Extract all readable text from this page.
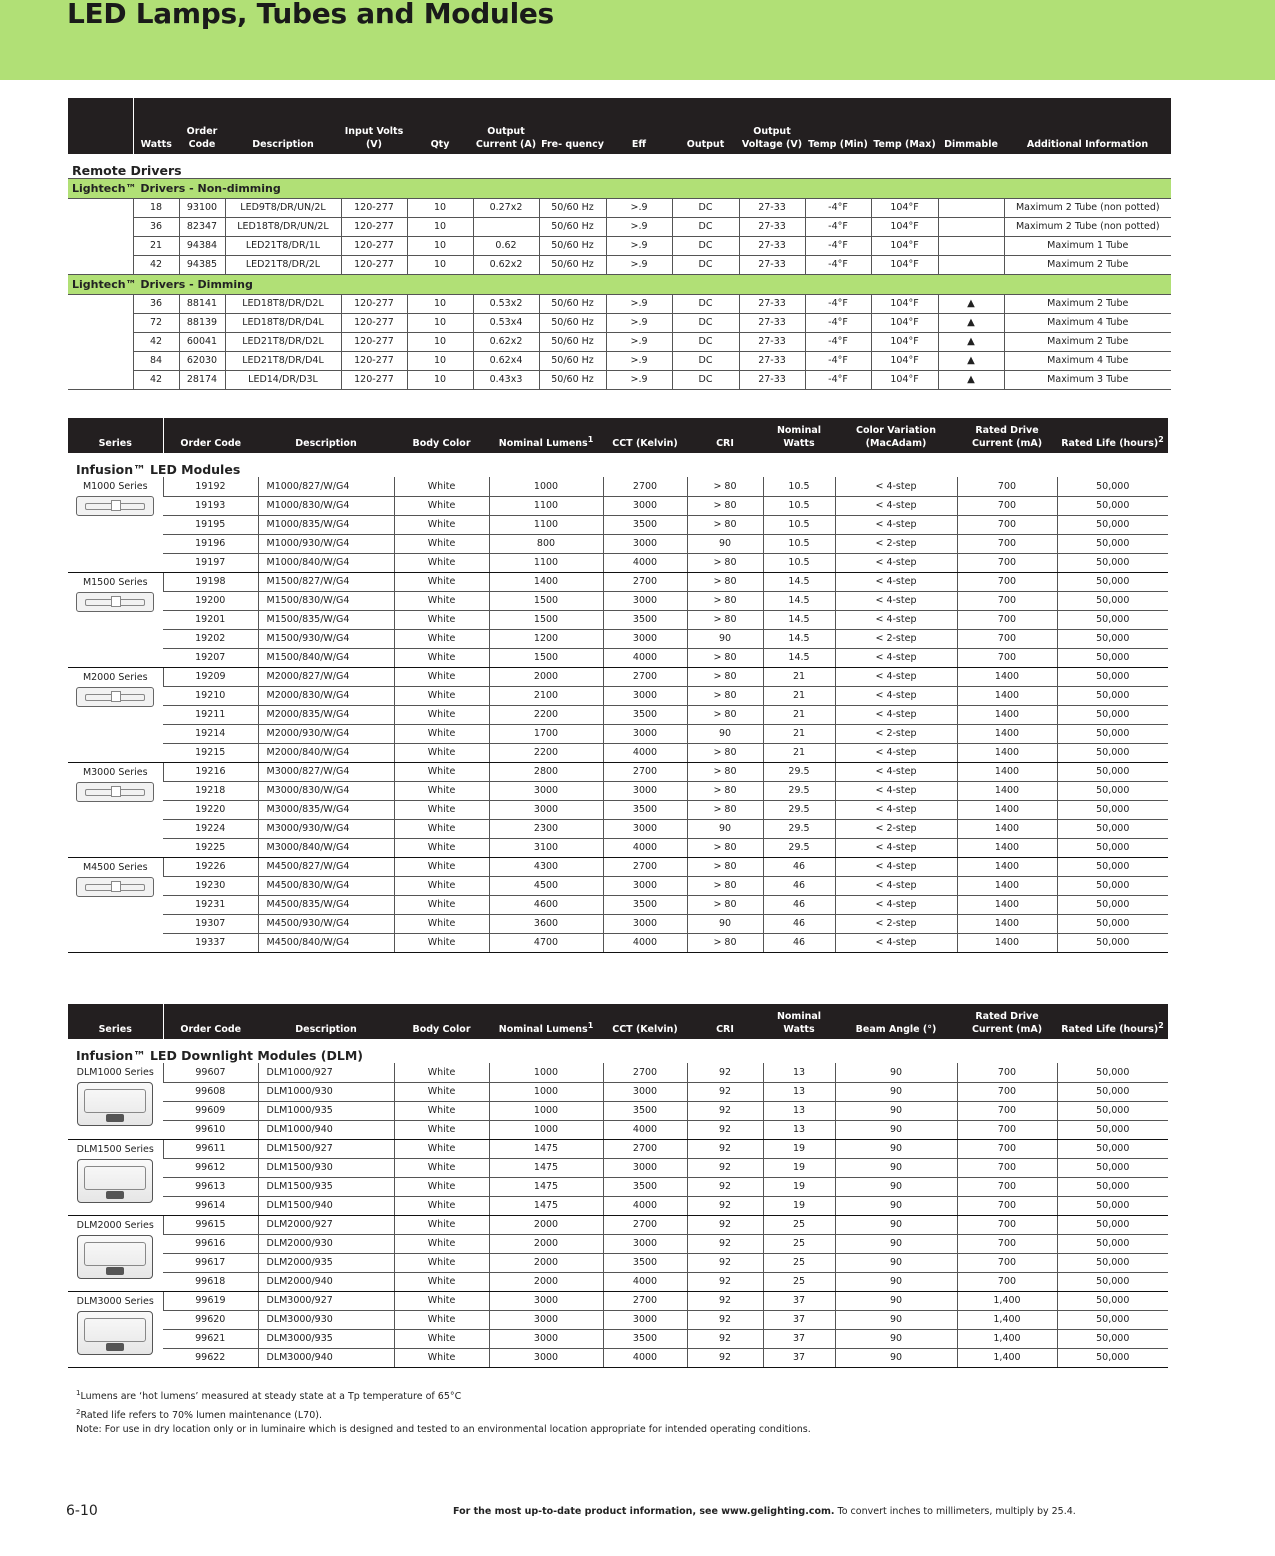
LED Lamps, Tubes and Modules
	Watts	Order Code	Description	Input Volts (V)	Qty	Output Current (A)	Fre- quency	Eff	Output	Output Voltage (V)	Temp (Min)	Temp (Max)	Dimmable	Additional Information
Remote Drivers														
Lightech™ Drivers - Non-dimming														
	18	93100	LED9T8/DR/UN/2L	120-277	10	0.27x2	50/60 Hz	>.9	DC	27-33	-4°F	104°F		Maximum 2 Tube (non potted)
	36	82347	LED18T8/DR/UN/2L	120-277	10		50/60 Hz	>.9	DC	27-33	-4°F	104°F		Maximum 2 Tube (non potted)
	21	94384	LED21T8/DR/1L	120-277	10	0.62	50/60 Hz	>.9	DC	27-33	-4°F	104°F		Maximum 1 Tube
	42	94385	LED21T8/DR/2L	120-277	10	0.62x2	50/60 Hz	>.9	DC	27-33	-4°F	104°F		Maximum 2 Tube
Lightech™ Drivers - Dimming														
	36	88141	LED18T8/DR/D2L	120-277	10	0.53x2	50/60 Hz	>.9	DC	27-33	-4°F	104°F	▲	Maximum 2 Tube
	72	88139	LED18T8/DR/D4L	120-277	10	0.53x4	50/60 Hz	>.9	DC	27-33	-4°F	104°F	▲	Maximum 4 Tube
	42	60041	LED21T8/DR/D2L	120-277	10	0.62x2	50/60 Hz	>.9	DC	27-33	-4°F	104°F	▲	Maximum 2 Tube
	84	62030	LED21T8/DR/D4L	120-277	10	0.62x4	50/60 Hz	>.9	DC	27-33	-4°F	104°F	▲	Maximum 4 Tube
	42	28174	LED14/DR/D3L	120-277	10	0.43x3	50/60 Hz	>.9	DC	27-33	-4°F	104°F	▲	Maximum 3 Tube
Series	Order Code	Description	Body Color	Nominal Lumens$^1$	CCT (Kelvin)	CRI	Nominal Watts	Color Variation (MacAdam)	Rated Drive Current (mA)	Rated Life (hours)$^2$
Infusion™ LED Modules										

M1000 Series	19192	M1000/827/W/G4	White	1000	2700	> 80	10.5	< 4-step	700	50,000
	19193	M1000/830/W/G4	White	1100	3000	> 80	10.5	< 4-step	700	50,000
	19195	M1000/835/W/G4	White	1100	3500	> 80	10.5	< 4-step	700	50,000
	19196	M1000/930/W/G4	White	800	3000	90	10.5	< 2-step	700	50,000
	19197	M1000/840/W/G4	White	1100	4000	> 80	10.5	< 4-step	700	50,000

M1500 Series	19198	M1500/827/W/G4	White	1400	2700	> 80	14.5	< 4-step	700	50,000
	19200	M1500/830/W/G4	White	1500	3000	> 80	14.5	< 4-step	700	50,000
	19201	M1500/835/W/G4	White	1500	3500	> 80	14.5	< 4-step	700	50,000
	19202	M1500/930/W/G4	White	1200	3000	90	14.5	< 2-step	700	50,000
	19207	M1500/840/W/G4	White	1500	4000	> 80	14.5	< 4-step	700	50,000

M2000 Series	19209	M2000/827/W/G4	White	2000	2700	> 80	21	< 4-step	1400	50,000
	19210	M2000/830/W/G4	White	2100	3000	> 80	21	< 4-step	1400	50,000
	19211	M2000/835/W/G4	White	2200	3500	> 80	21	< 4-step	1400	50,000
	19214	M2000/930/W/G4	White	1700	3000	90	21	< 2-step	1400	50,000
	19215	M2000/840/W/G4	White	2200	4000	> 80	21	< 4-step	1400	50,000

M3000 Series	19216	M3000/827/W/G4	White	2800	2700	> 80	29.5	< 4-step	1400	50,000
	19218	M3000/830/W/G4	White	3000	3000	> 80	29.5	< 4-step	1400	50,000
	19220	M3000/835/W/G4	White	3000	3500	> 80	29.5	< 4-step	1400	50,000
	19224	M3000/930/W/G4	White	2300	3000	90	29.5	< 2-step	1400	50,000
	19225	M3000/840/W/G4	White	3100	4000	> 80	29.5	< 4-step	1400	50,000

M4500 Series	19226	M4500/827/W/G4	White	4300	2700	> 80	46	< 4-step	1400	50,000
	19230	M4500/830/W/G4	White	4500	3000	> 80	46	< 4-step	1400	50,000
	19231	M4500/835/W/G4	White	4600	3500	> 80	46	< 4-step	1400	50,000
	19307	M4500/930/W/G4	White	3600	3000	90	46	< 2-step	1400	50,000
	19337	M4500/840/W/G4	White	4700	4000	> 80	46	< 4-step	1400	50,000
Series	Order Code	Description	Body Color	Nominal Lumens$^1$	CCT (Kelvin)	CRI	Nominal Watts	Beam Angle (°)	Rated Drive Current (mA)	Rated Life (hours)$^2$
Infusion™ LED Downlight Modules (DLM)										

DLM1000 Series	99607	DLM1000/927	White	1000	2700	92	13	90	700	50,000
	99608	DLM1000/930	White	1000	3000	92	13	90	700	50,000
	99609	DLM1000/935	White	1000	3500	92	13	90	700	50,000
	99610	DLM1000/940	White	1000	4000	92	13	90	700	50,000

DLM1500 Series	99611	DLM1500/927	White	1475	2700	92	19	90	700	50,000
	99612	DLM1500/930	White	1475	3000	92	19	90	700	50,000
	99613	DLM1500/935	White	1475	3500	92	19	90	700	50,000
	99614	DLM1500/940	White	1475	4000	92	19	90	700	50,000

DLM2000 Series	99615	DLM2000/927	White	2000	2700	92	25	90	700	50,000
	99616	DLM2000/930	White	2000	3000	92	25	90	700	50,000
	99617	DLM2000/935	White	2000	3500	92	25	90	700	50,000
	99618	DLM2000/940	White	2000	4000	92	25	90	700	50,000

DLM3000 Series	99619	DLM3000/927	White	3000	2700	92	37	90	1,400	50,000
	99620	DLM3000/930	White	3000	3000	92	37	90	1,400	50,000
	99621	DLM3000/935	White	3000	3500	92	37	90	1,400	50,000
	99622	DLM3000/940	White	3000	4000	92	37	90	1,400	50,000
$^1$Lumens are ‘hot lumens’ measured at steady state at a Tp temperature of 65°C
$^2$Rated life refers to 70% lumen maintenance (L70).
Note: For use in dry location only or in luminaire which is designed and tested to an environmental location appropriate for intended operating conditions.
6-10	For the most up-to-date product information, see www.gelighting.com. To convert inches to millimeters, multiply by 25.4.
